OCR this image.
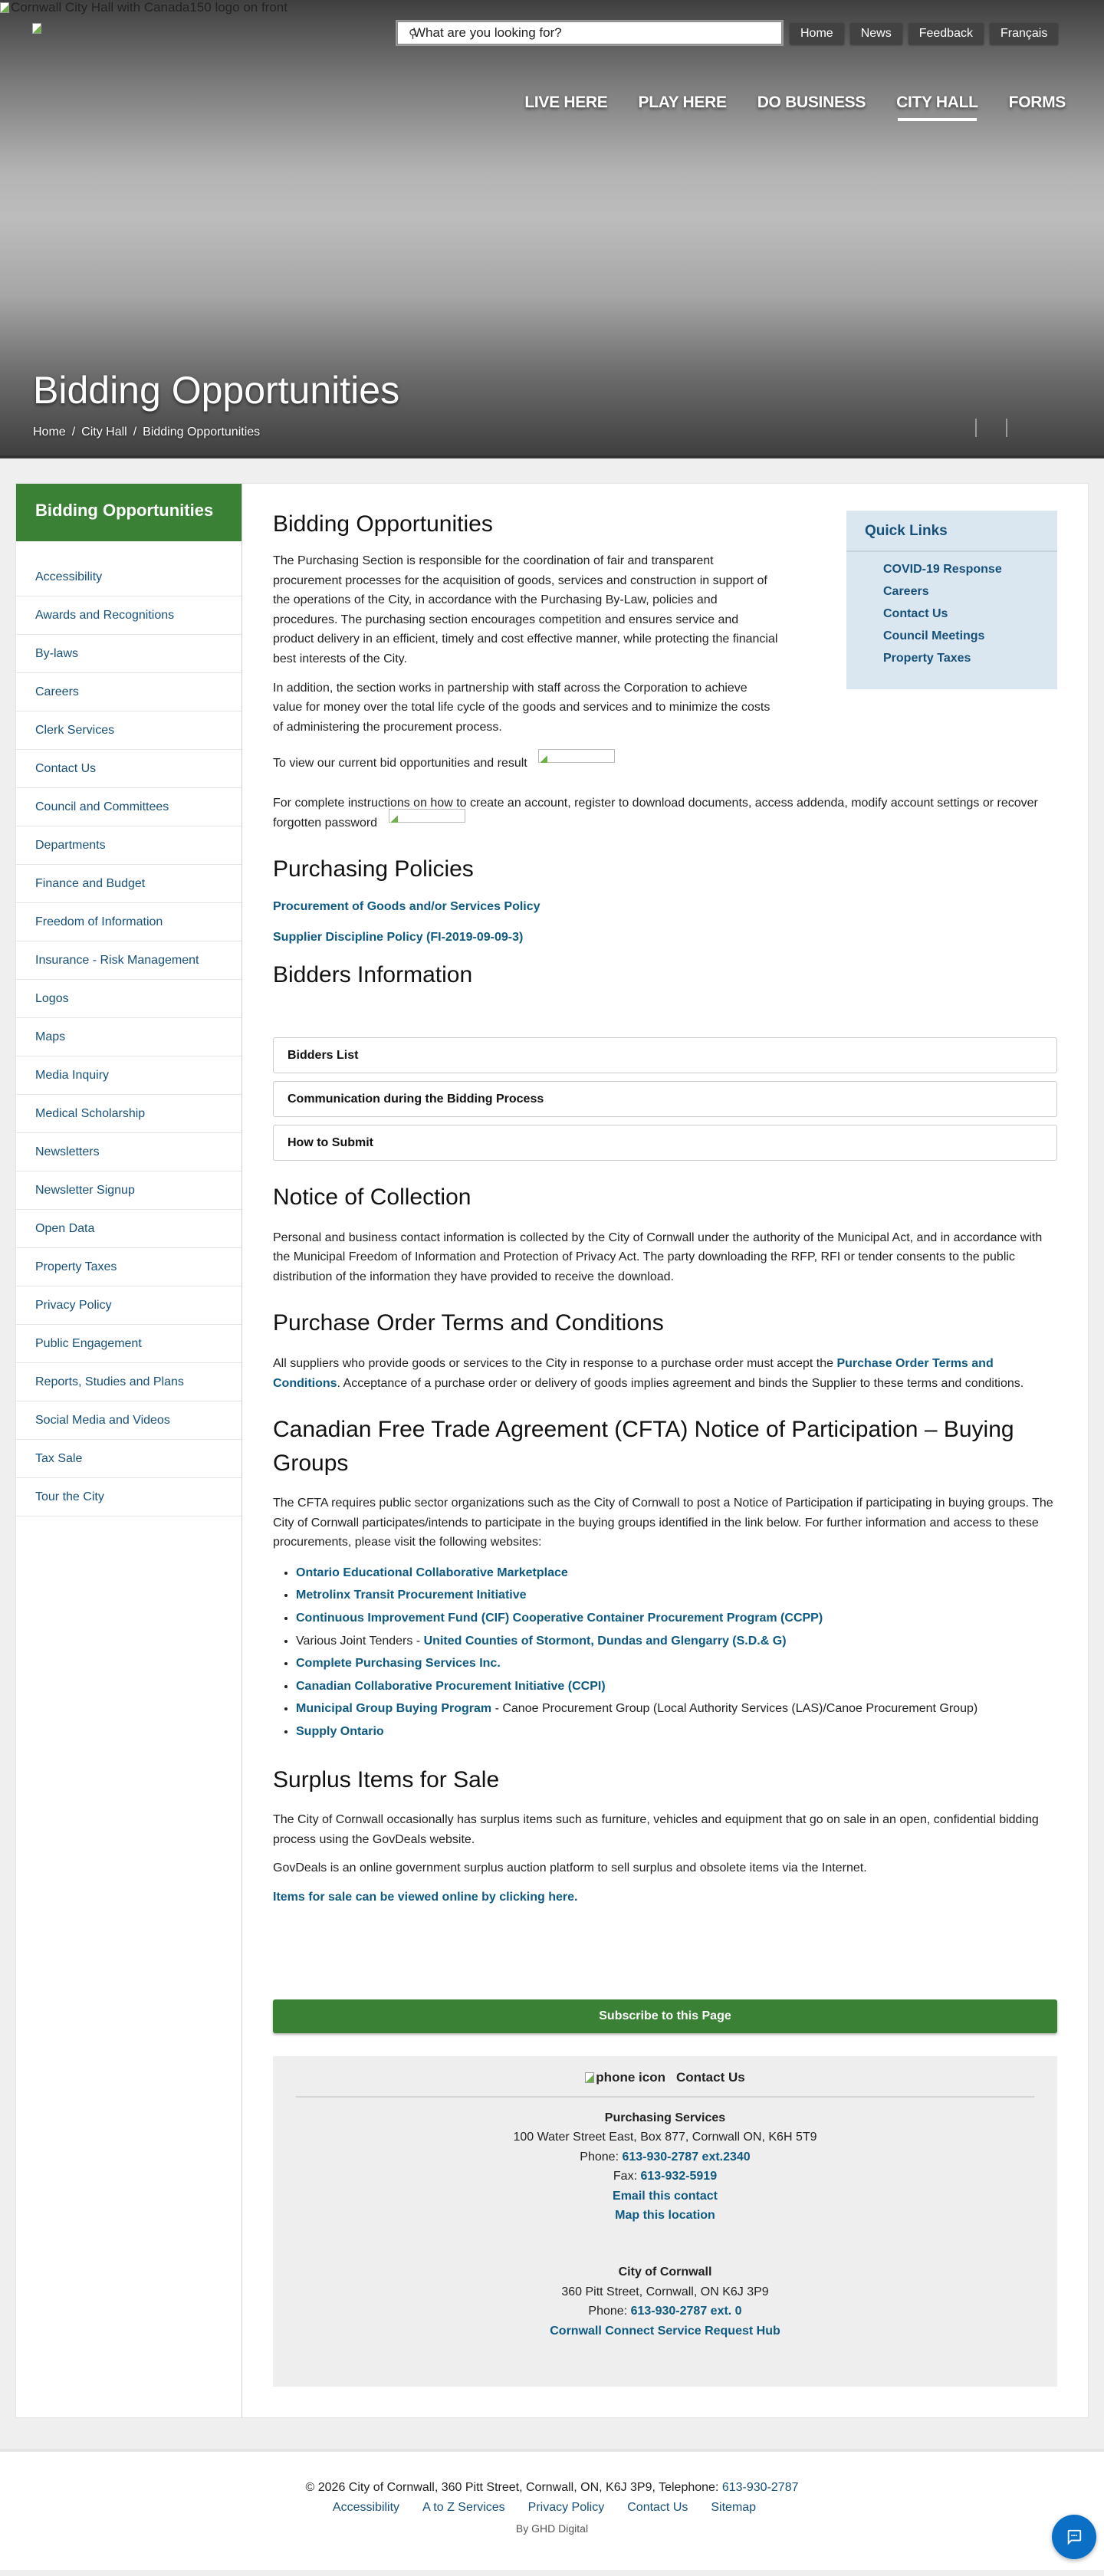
Cornwall City Hall with Canada150 logo on front
⚲
What are you looking for?	Home	News	Feedback	Français
LIVE HERE	PLAY HERE	DO BUSINESS	CITY HALL	FORMS
Bidding Opportunities
Home / City Hall / Bidding Opportunities
Bidding Opportunities
Accessibility
Awards and Recognitions
By-laws
Careers
Clerk Services
Contact Us
Council and Committees
Departments
Finance and Budget
Freedom of Information
Insurance - Risk Management
Logos
Maps
Media Inquiry
Medical Scholarship
Newsletters
Newsletter Signup
Open Data
Property Taxes
Privacy Policy
Public Engagement
Reports, Studies and Plans
Social Media and Videos
Tax Sale
Tour the City
Quick Links
COVID-19 Response
Careers
Contact Us
Council Meetings
Property Taxes
Bidding Opportunities

The Purchasing Section is responsible for the coordination of fair and transparent procurement processes for the acquisition of goods, services and construction in support of the operations of the City, in accordance with the Purchasing By-Law, policies and procedures. The purchasing section encourages competition and ensures service and product delivery in an efficient, timely and cost effective manner, while protecting the financial best interests of the City.

In addition, the section works in partnership with staff across the Corporation to achieve value for money over the total life cycle of the goods and services and to minimize the costs of administering the procurement process.

To view our current bid opportunities and result

For complete instructions on how to create an account, register to download documents, access addenda, modify account settings or recover forgotten password

Purchasing Policies
Procurement of Goods and/or Services Policy
Supplier Discipline Policy (FI-2019-09-09-3)
Bidders Information
Bidders List
Communication during the Bidding Process
How to Submit
Notice of Collection

Personal and business contact information is collected by the City of Cornwall under the authority of the Municipal Act, and in accordance with the Municipal Freedom of Information and Protection of Privacy Act. The party downloading the RFP, RFI or tender consents to the public distribution of the information they have provided to receive the download.

Purchase Order Terms and Conditions

All suppliers who provide goods or services to the City in response to a purchase order must accept the Purchase Order Terms and Conditions. Acceptance of a purchase order or delivery of goods implies agreement and binds the Supplier to these terms and conditions.

Canadian Free Trade Agreement (CFTA) Notice of Participation – Buying Groups

The CFTA requires public sector organizations such as the City of Cornwall to post a Notice of Participation if participating in buying groups. The City of Cornwall participates/intends to participate in the buying groups identified in the link below. For further information and access to these procurements, please visit the following websites:

• Ontario Educational Collaborative Marketplace
• Metrolinx Transit Procurement Initiative
• Continuous Improvement Fund (CIF) Cooperative Container Procurement Program (CCPP)
• Various Joint Tenders - United Counties of Stormont, Dundas and Glengarry (S.D.& G)
• Complete Purchasing Services Inc.
• Canadian Collaborative Procurement Initiative (CCPI)
• Municipal Group Buying Program - Canoe Procurement Group (Local Authority Services (LAS)/Canoe Procurement Group)
• Supply Ontario
Surplus Items for Sale

The City of Cornwall occasionally has surplus items such as furniture, vehicles and equipment that go on sale in an open, confidential bidding process using the GovDeals website.

GovDeals is an online government surplus auction platform to sell surplus and obsolete items via the Internet.

Items for sale can be viewed online by clicking here.

Subscribe to this Page
phone icon Contact Us
Purchasing Services
100 Water Street East, Box 877, Cornwall ON, K6H 5T9
Phone: 613-930-2787 ext.2340
Fax: 613-932-5919
Email this contact
Map this location
City of Cornwall
360 Pitt Street, Cornwall, ON K6J 3P9
Phone: 613-930-2787 ext. 0
Cornwall Connect Service Request Hub
© 2026 City of Cornwall, 360 Pitt Street, Cornwall, ON, K6J 3P9, Telephone: 613-930-2787
Accessibility A to Z Services Privacy Policy Contact Us Sitemap
By GHD Digital
